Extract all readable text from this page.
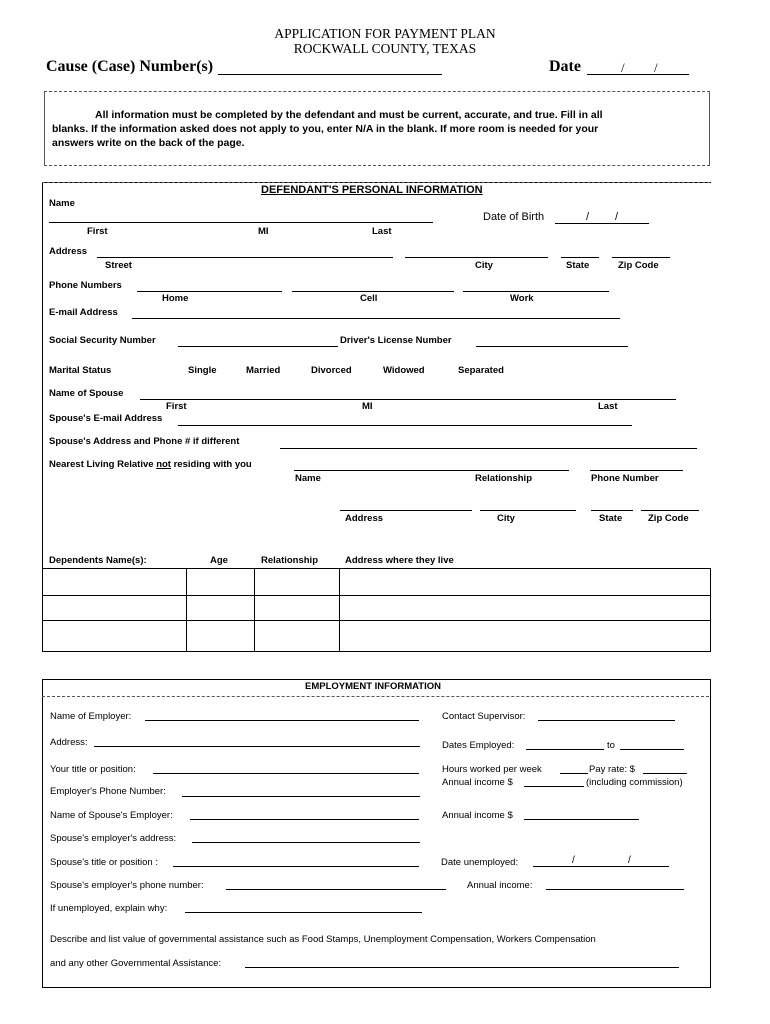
APPLICATION FOR PAYMENT PLAN
ROCKWALL COUNTY, TEXAS
Cause (Case) Number(s)	Date	/ /
All information must be completed by the defendant and must be current, accurate, and true. Fill in all
blanks. If the information asked does not apply to you, enter N/A in the blank. If more room is needed for your
answers write on the back of the page.
DEFENDANT'S PERSONAL INFORMATION
Name
First	MI	Last
Date of Birth	/ /
Address
Street	City	State	Zip Code
Phone Numbers
Home	Cell	Work
E-mail Address
Social Security Number	Driver's License Number
Marital Status	Single	Married	Divorced	Widowed	Separated
Name of Spouse
First	MI	Last
Spouse's E-mail Address
Spouse's Address and Phone # if different
Nearest Living Relative not residing with you
Name	Relationship	Phone Number
Address	City	State	Zip Code
Dependents Name(s):	Age	Relationship	Address where they live
EMPLOYMENT INFORMATION
Name of Employer:	Contact Supervisor:
Address:	Dates Employed:	to
Your title or position:	Hours worked per week	Pay rate: $
Annual income $	(including commission)
Employer's Phone Number:
Name of Spouse's Employer:	Annual income $
Spouse's employer's address:
Spouse's title or position :	Date unemployed:	/	/
Spouse's employer's phone number:	Annual income:
If unemployed, explain why:
Describe and list value of governmental assistance such as Food Stamps, Unemployment Compensation, Workers Compensation
and any other Governmental Assistance:
